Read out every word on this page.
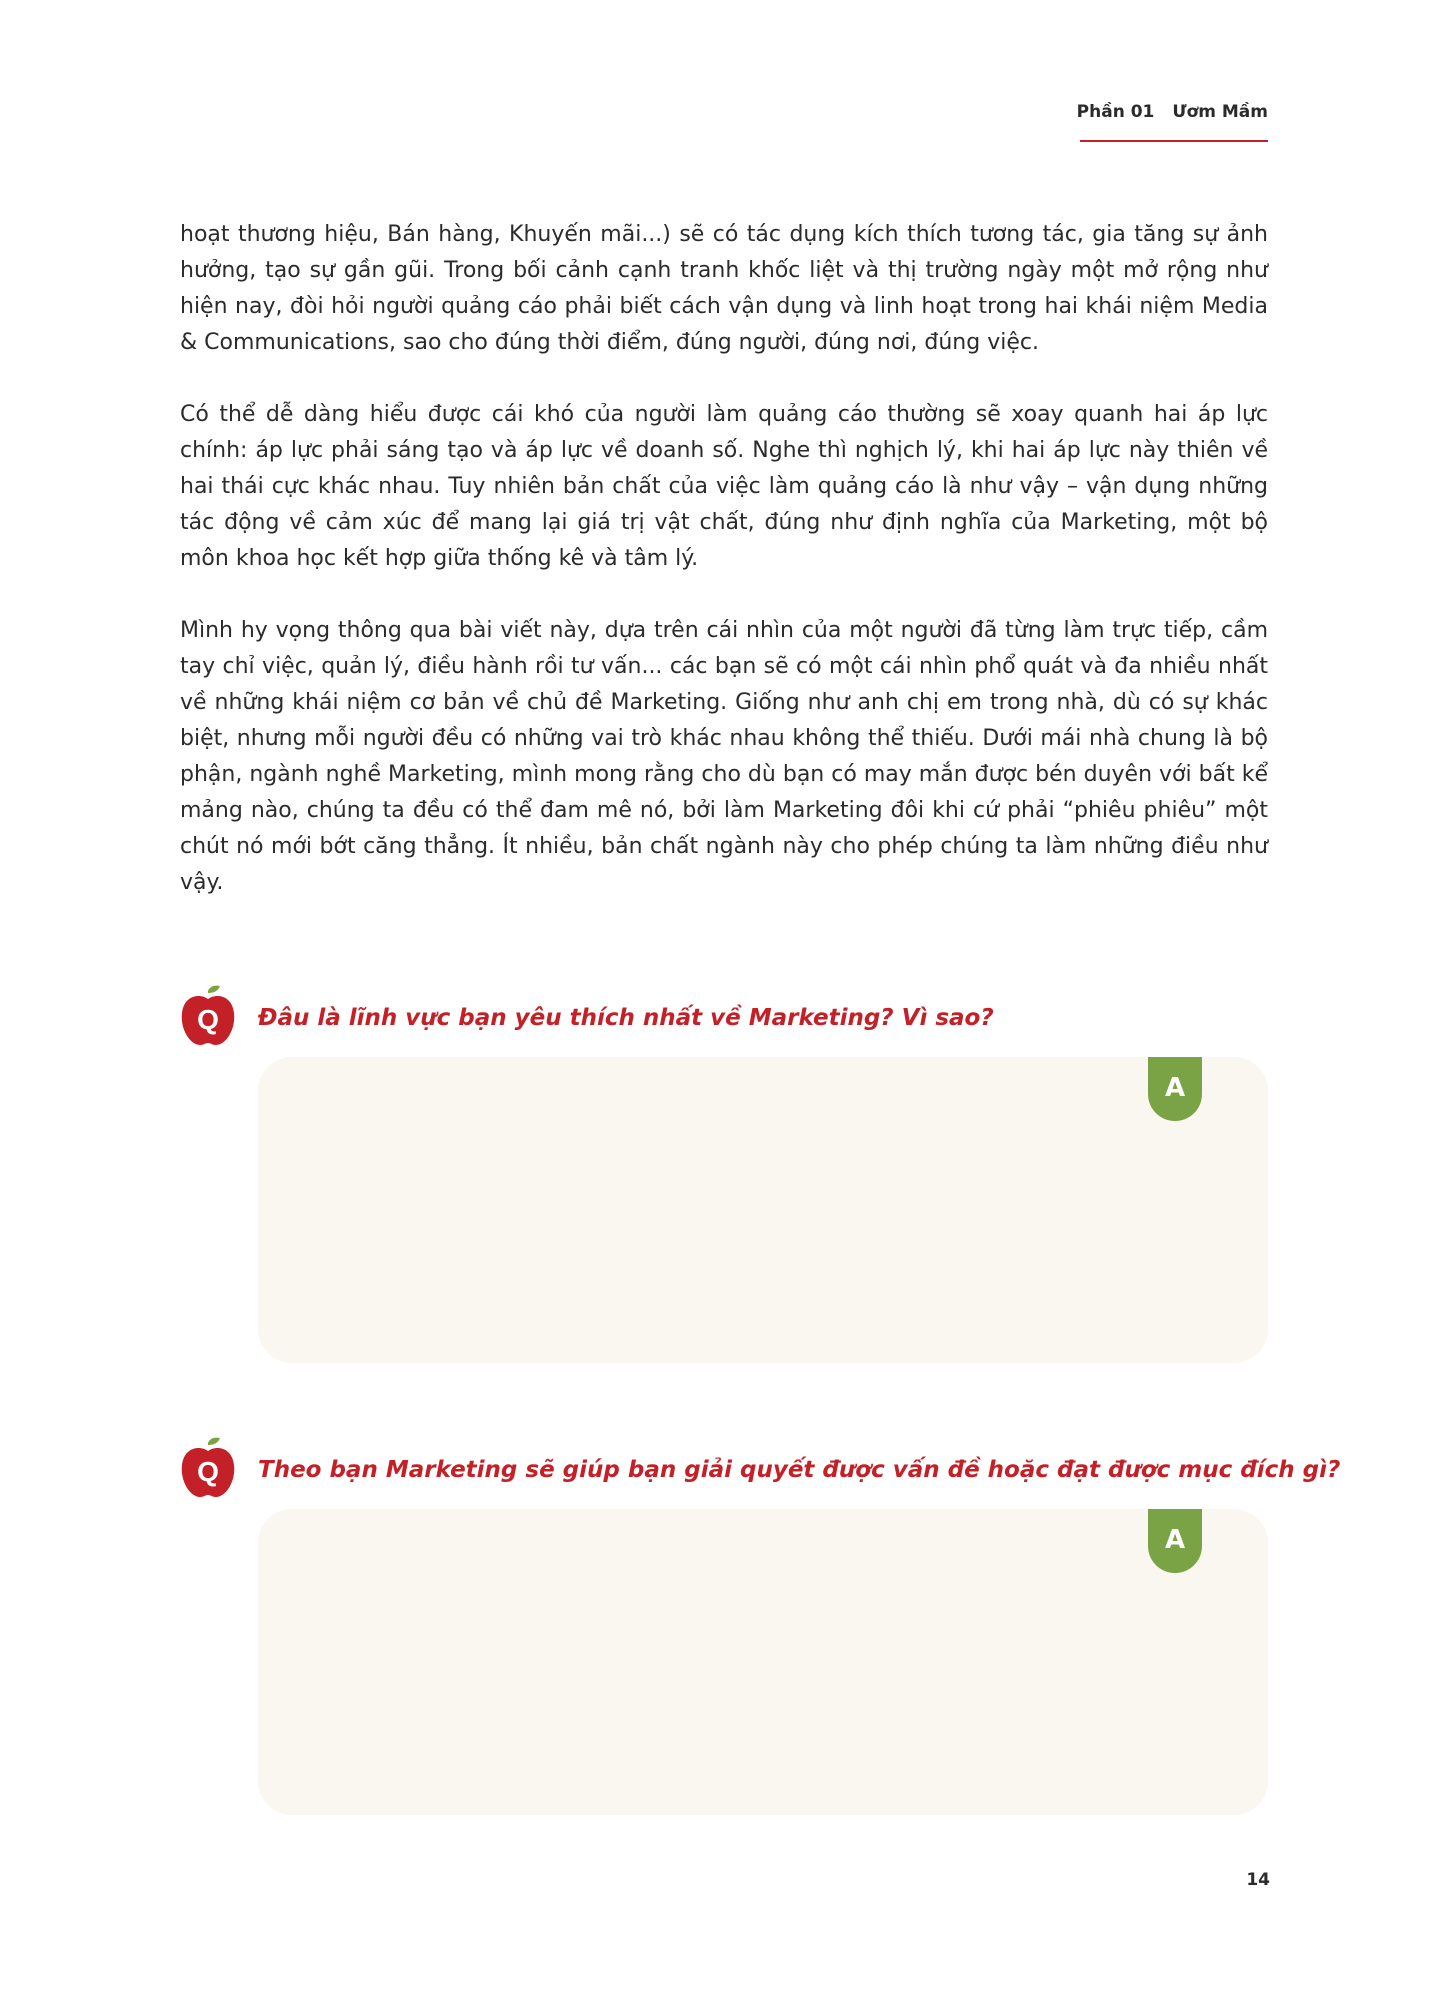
Phần 01 Ươm Mầm

hoạt thương hiệu, Bán hàng, Khuyến mãi...) sẽ có tác dụng kích thích tương tác, gia tăng sự ảnh hưởng, tạo sự gần gũi. Trong bối cảnh cạnh tranh khốc liệt và thị trường ngày một mở rộng như hiện nay, đòi hỏi người quảng cáo phải biết cách vận dụng và linh hoạt trong hai khái niệm Media & Communications, sao cho đúng thời điểm, đúng người, đúng nơi, đúng việc.

Có thể dễ dàng hiểu được cái khó của người làm quảng cáo thường sẽ xoay quanh hai áp lực chính: áp lực phải sáng tạo và áp lực về doanh số. Nghe thì nghịch lý, khi hai áp lực này thiên về hai thái cực khác nhau. Tuy nhiên bản chất của việc làm quảng cáo là như vậy – vận dụng những tác động về cảm xúc để mang lại giá trị vật chất, đúng như định nghĩa của Marketing, một bộ môn khoa học kết hợp giữa thống kê và tâm lý.

Mình hy vọng thông qua bài viết này, dựa trên cái nhìn của một người đã từng làm trực tiếp, cầm tay chỉ việc, quản lý, điều hành rồi tư vấn... các bạn sẽ có một cái nhìn phổ quát và đa nhiều nhất về những khái niệm cơ bản về chủ đề Marketing. Giống như anh chị em trong nhà, dù có sự khác biệt, nhưng mỗi người đều có những vai trò khác nhau không thể thiếu. Dưới mái nhà chung là bộ phận, ngành nghề Marketing, mình mong rằng cho dù bạn có may mắn được bén duyên với bất kể mảng nào, chúng ta đều có thể đam mê nó, bởi làm Marketing đôi khi cứ phải “phiêu phiêu” một chút nó mới bớt căng thẳng. Ít nhiều, bản chất ngành này cho phép chúng ta làm những điều như vậy.

Q Đâu là lĩnh vực bạn yêu thích nhất về Marketing? Vì sao?
A
Q Theo bạn Marketing sẽ giúp bạn giải quyết được vấn đề hoặc đạt được mục đích gì?
A
14
